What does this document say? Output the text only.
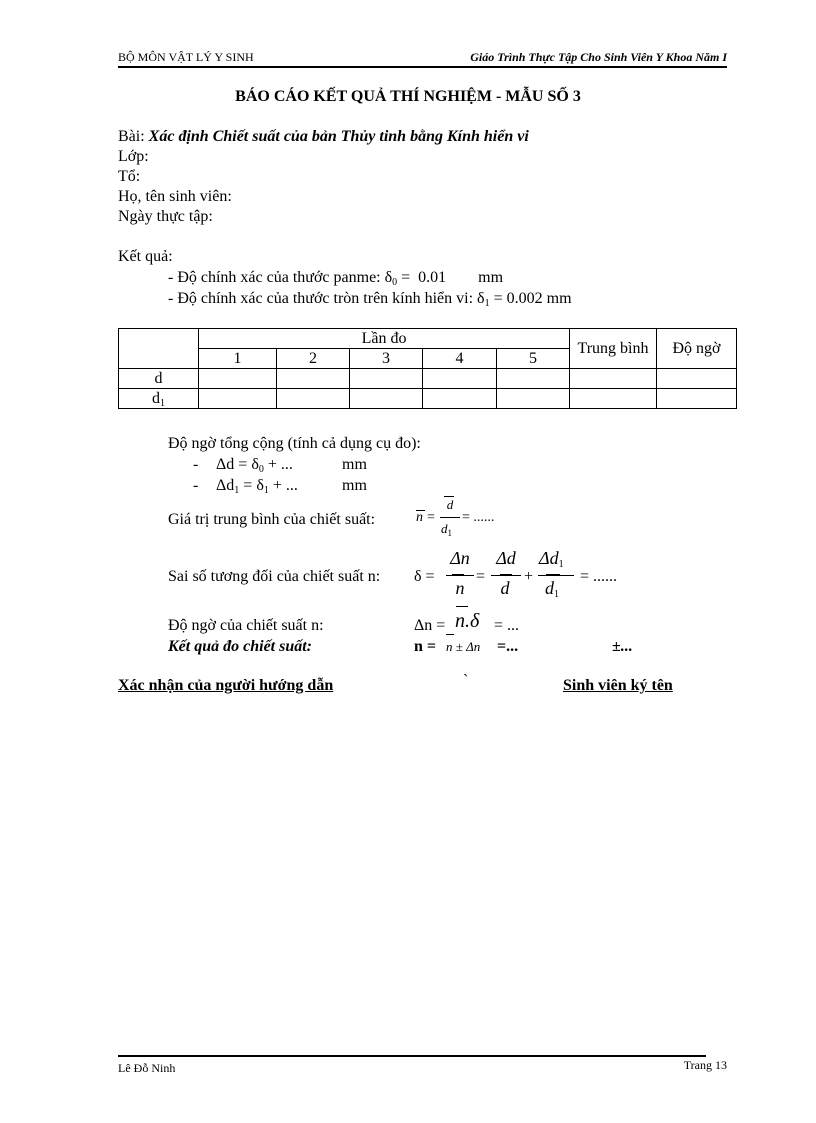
BỘ MÔN VẬT LÝ Y SINH	Giáo Trình Thực Tập Cho Sinh Viên Y Khoa Năm I
BÁO CÁO KẾT QUẢ THÍ NGHIỆM - MẪU SỐ 3
Bài: Xác định Chiết suất của bản Thủy tinh bằng Kính hiển vi
Lớp:
Tổ:
Họ, tên sinh viên:
Ngày thực tập:
Kết quả:
- Độ chính xác của thước panme: $\delta_0 = 0.01$        mm
- Độ chính xác của thước tròn trên kính hiển vi: $\delta_1 = 0.002$ mm
	Lần đo					Trung bình	Độ ngờ
	1	2	3	4	5		
d							
$d_1$							
Độ ngờ tổng cộng (tính cả dụng cụ đo):
- $\Delta d = \delta_0$ + ...	mm
- $\Delta d_1 = \delta_1$ + ...	mm
Giá trị trung bình của chiết suất:	n =
d
$d_1$
= ......
Sai số tương đối của chiết suất n: δ =
Δn
n
=
Δd
d
+
$\Delta d_1$
$d_1$
= ......
Độ ngờ của chiết suất n:	Δn = n.δ = ...
Kết quả đo chiết suất:	n = n ± Δn =...	±...
Xác nhận của người hướng dẫn	`	Sinh viên ký tên
Lê Đỗ Ninh	Trang 13
